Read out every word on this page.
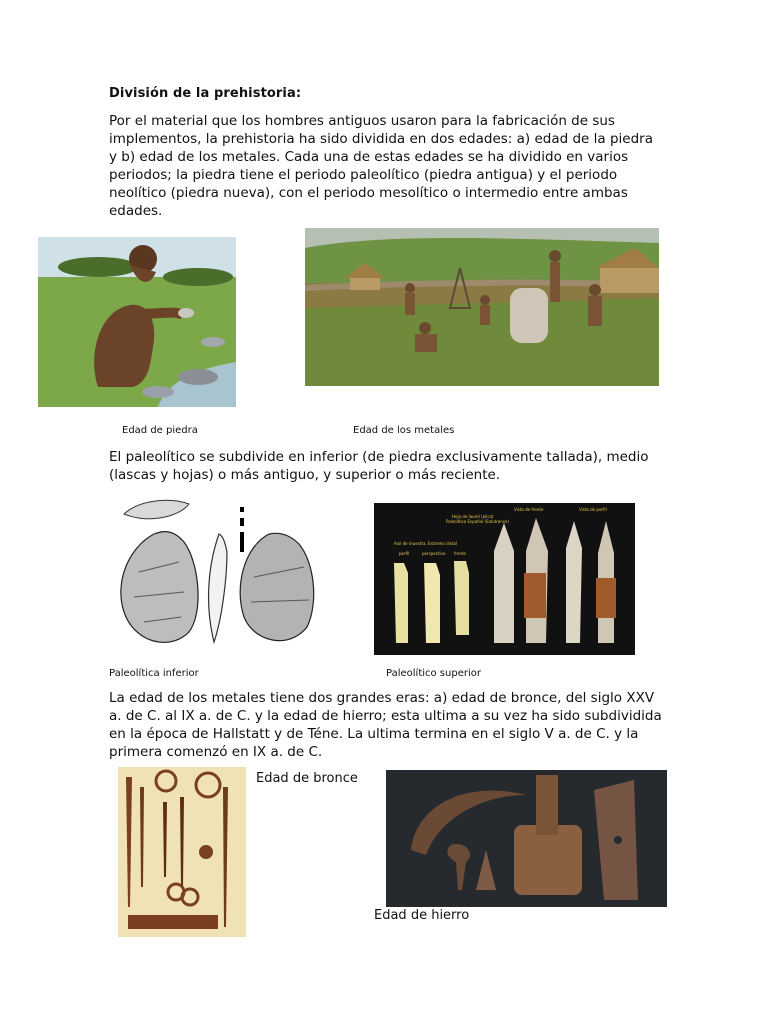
División de la prehistoria:
Por el material que los hombres antiguos usaron para la fabricación de sus implementos, la prehistoria ha sido dividida en dos edades: a) edad de la piedra y b) edad de los metales. Cada una de estas edades se ha dividido en varios periodos; la piedra tiene el periodo paleolítico (piedra antigua) y el periodo neolítico (piedra nueva), con el periodo mesolítico o intermedio entre ambas edades.
Edad de piedra	Edad de los metales
El paleolítico se subdivide en inferior (de piedra exclusivamente tallada), medio (lascas y hojas) o más antiguo, y superior o más reciente.
Hoja de laurel (plica)
Paleolítico Español (Solutrense)
Vista de frente	Vista de perfil
Axil de muestra. Extremo distal
perfil	perspectiva frente
Paleolítica inferior	Paleolítico superior
La edad de los metales tiene dos grandes eras: a) edad de bronce, del siglo XXV a. de C. al IX a. de C. y la edad de hierro; esta ultima a su vez ha sido subdividida en la época de Hallstatt y de Téne. La ultima termina en el siglo V a. de C. y la primera comenzó en IX a. de C.
Edad de bronce
Edad de hierro
